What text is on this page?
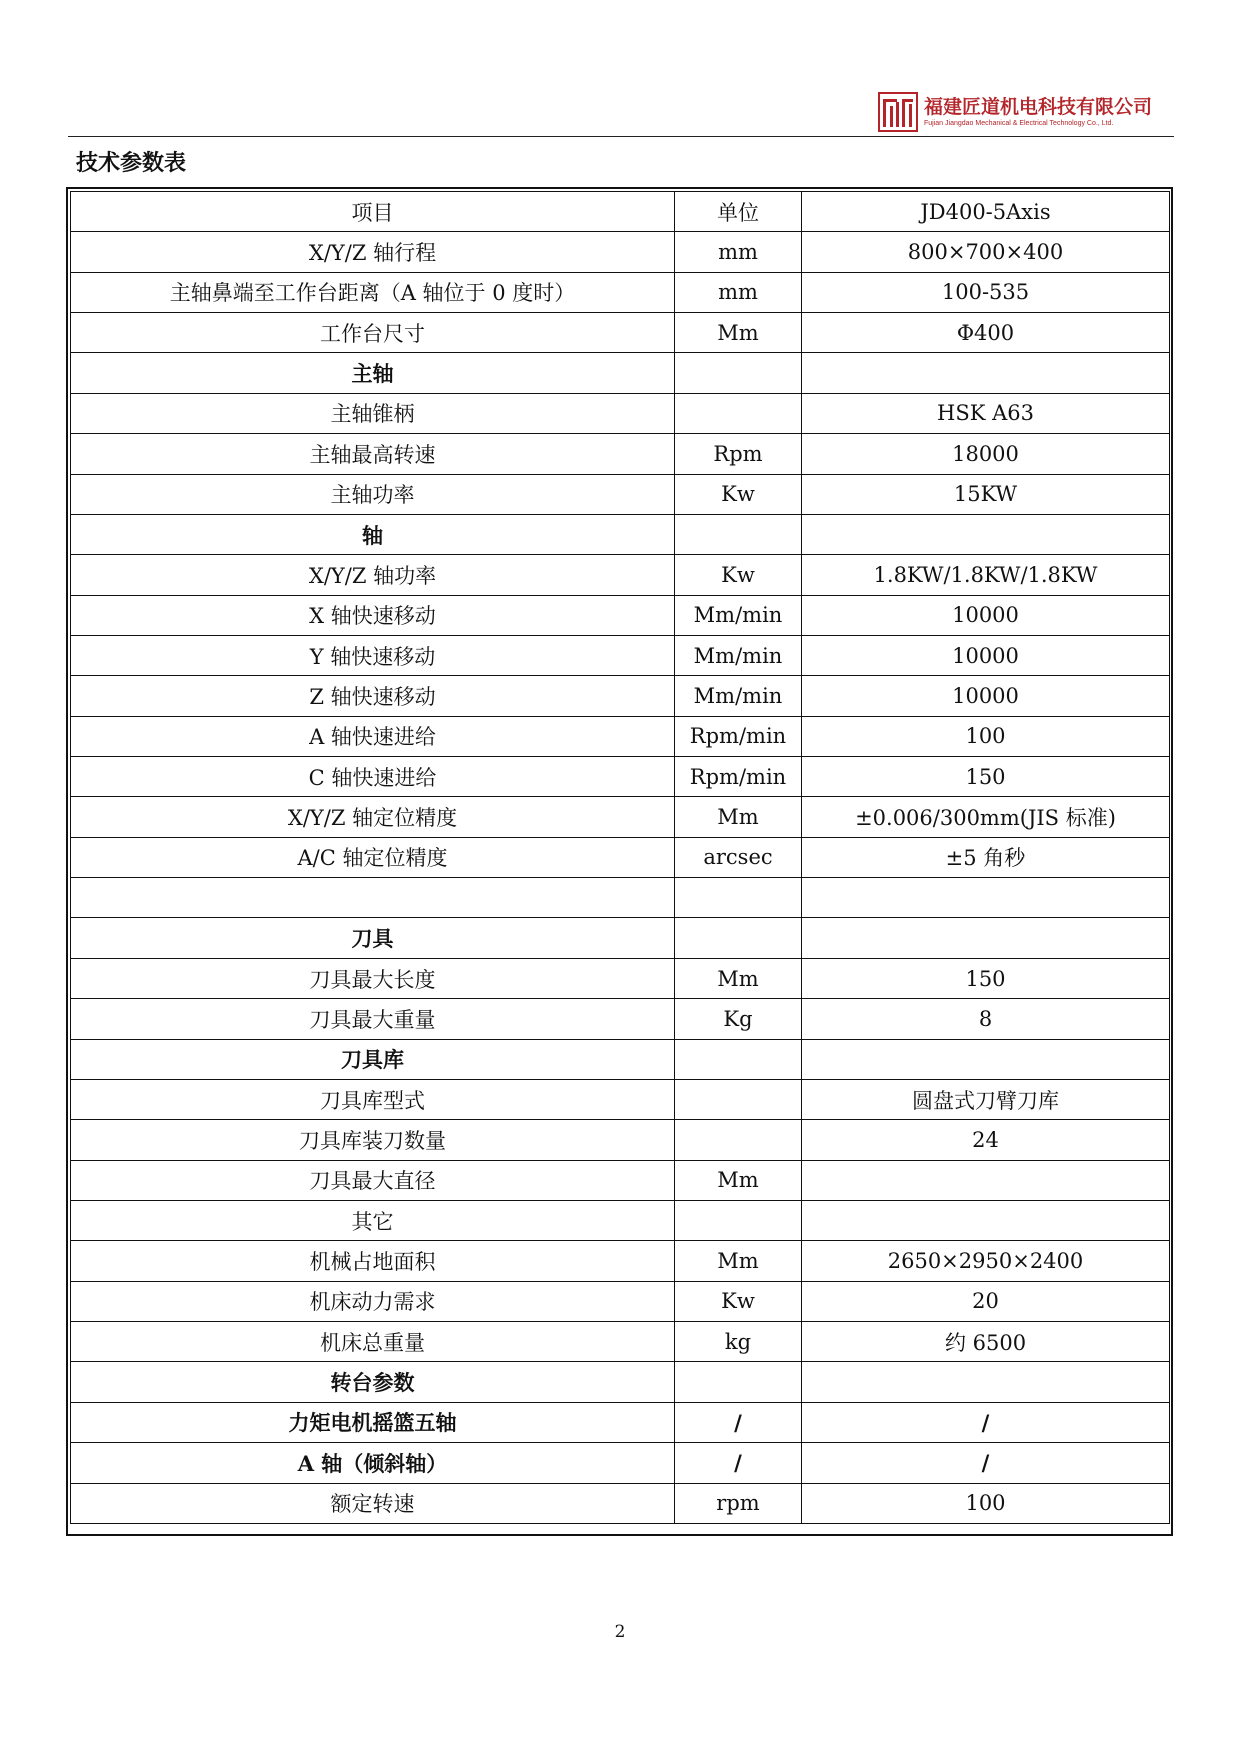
福建匠道机电科技有限公司
Fujian Jiangdao Mechanical & Electrical Technology Co., Ltd.
技术参数表
项目	单位	JD400-5Axis
X/Y/Z 轴行程	mm	800×700×400
主轴鼻端至工作台距离（A 轴位于 0 度时）	mm	100-535
工作台尺寸	Mm	Φ400
主轴		
主轴锥柄		HSK A63
主轴最高转速	Rpm	18000
主轴功率	Kw	15KW
轴		
X/Y/Z 轴功率	Kw	1.8KW/1.8KW/1.8KW
X 轴快速移动	Mm/min	10000
Y 轴快速移动	Mm/min	10000
Z 轴快速移动	Mm/min	10000
A 轴快速进给	Rpm/min	100
C 轴快速进给	Rpm/min	150
X/Y/Z 轴定位精度	Mm	±0.006/300mm(JIS 标准)
A/C 轴定位精度	arcsec	±5 角秒

刀具		
刀具最大长度	Mm	150
刀具最大重量	Kg	8
刀具库		
刀具库型式		圆盘式刀臂刀库
刀具库装刀数量		24
刀具最大直径	Mm	
其它		
机械占地面积	Mm	2650×2950×2400
机床动力需求	Kw	20
机床总重量	kg	约 6500
转台参数		
力矩电机摇篮五轴	/	/
A 轴（倾斜轴）	/	/
额定转速	rpm	100
2
